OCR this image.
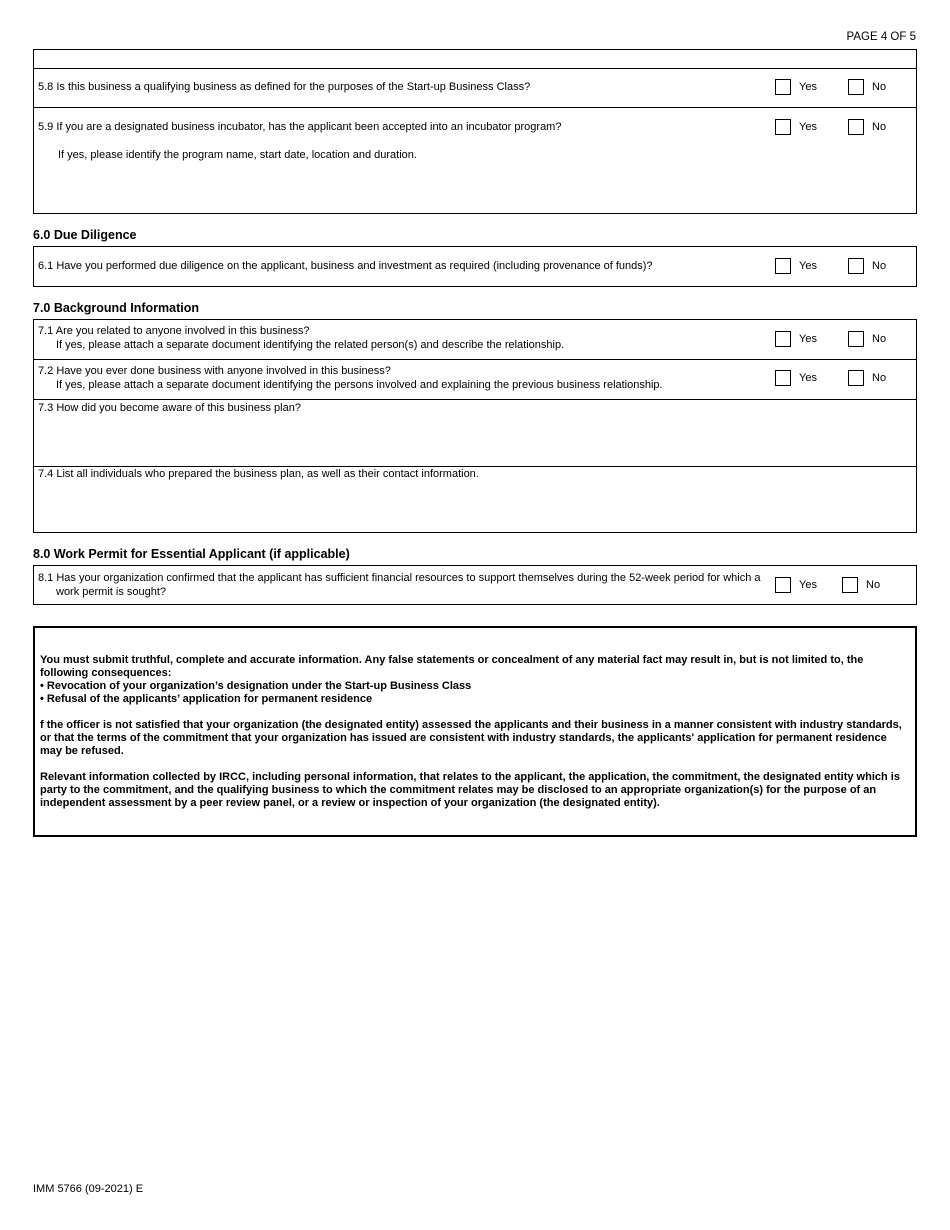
PAGE 4 OF 5
5.8 Is this business a qualifying business as defined for the purposes of the Start-up Business Class?	Yes	No
5.9 If you are a designated business incubator, has the applicant been accepted into an incubator program?
If yes, please identify the program name, start date, location and duration.
Yes	No
6.0 Due Diligence
6.1 Have you performed due diligence on the applicant, business and investment as required (including provenance of funds)?	Yes	No
7.0 Background Information
7.1 Are you related to anyone involved in this business?
If yes, please attach a separate document identifying the related person(s) and describe the relationship.	Yes	No
7.2 Have you ever done business with anyone involved in this business?
If yes, please attach a separate document identifying the persons involved and explaining the previous business relationship.
Yes	No
7.3 How did you become aware of this business plan?
7.4 List all individuals who prepared the business plan, as well as their contact information.
8.0 Work Permit for Essential Applicant (if applicable)
8.1 Has your organization confirmed that the applicant has sufficient financial resources to support themselves during the 52-week period for which a
work permit is sought?
Yes	No

You must submit truthful, complete and accurate information. Any false statements or concealment of any material fact may result in, but is not limited to, the following consequences:

• Revocation of your organization’s designation under the Start-up Business Class

• Refusal of the applicants’ application for permanent residence

f the officer is not satisfied that your organization (the designated entity) assessed the applicants and their business in a manner consistent with industry standards, or that the terms of the commitment that your organization has issued are consistent with industry standards, the applicants' application for permanent residence may be refused.

Relevant information collected by IRCC, including personal information, that relates to the applicant, the application, the commitment, the designated entity which is party to the commitment, and the qualifying business to which the commitment relates may be disclosed to an appropriate organization(s) for the purpose of an independent assessment by a peer review panel, or a review or inspection of your organization (the designated entity).

IMM 5766 (09-2021) E
